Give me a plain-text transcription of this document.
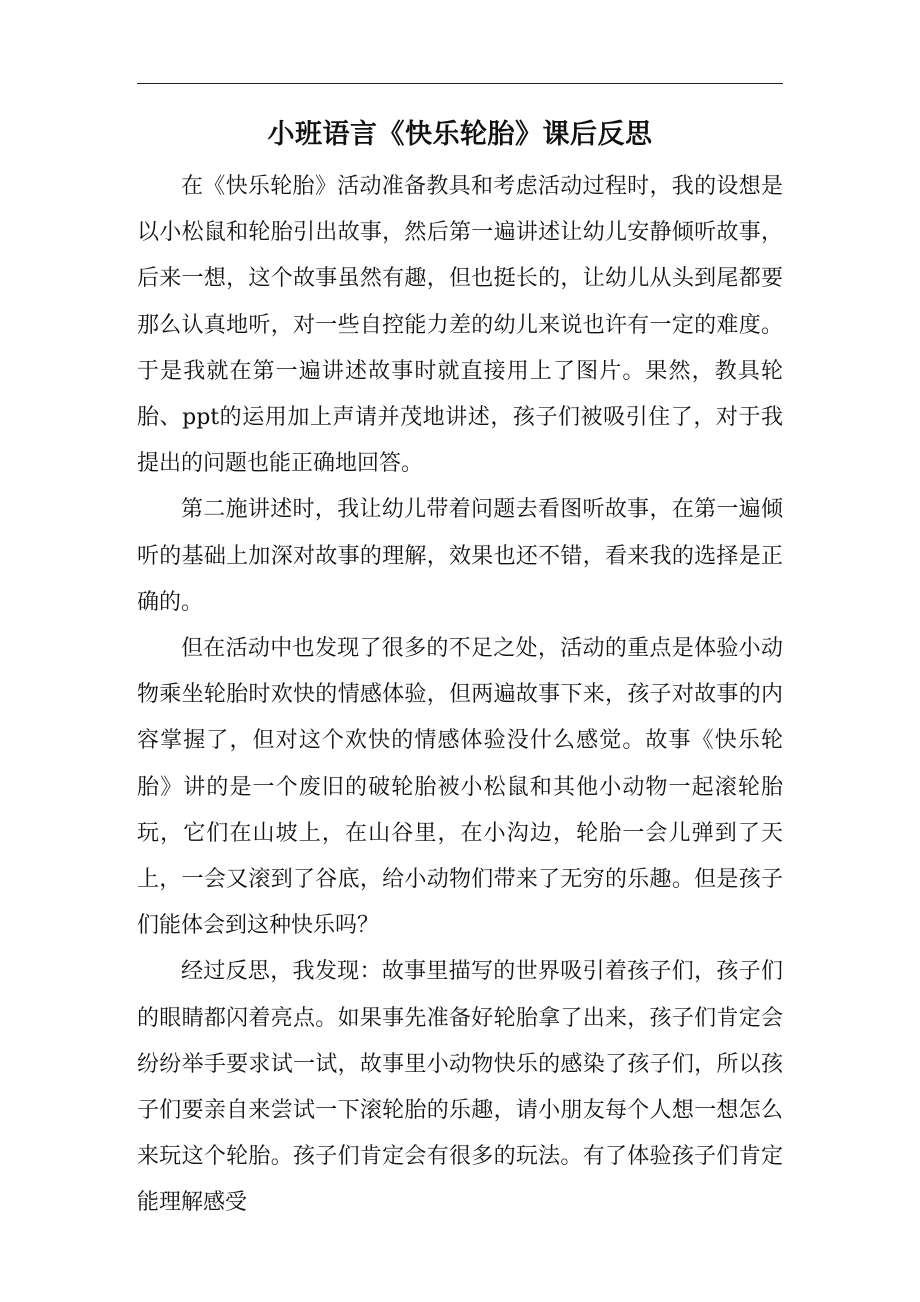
小班语言《快乐轮胎》课后反思

在《快乐轮胎》活动准备教具和考虑活动过程时，我的设想是以小松鼠和轮胎引出故事，然后第一遍讲述让幼儿安静倾听故事，后来一想，这个故事虽然有趣，但也挺长的，让幼儿从头到尾都要那么认真地听，对一些自控能力差的幼儿来说也许有一定的难度。于是我就在第一遍讲述故事时就直接用上了图片。果然，教具轮胎、ppt的运用加上声请并茂地讲述，孩子们被吸引住了，对于我提出的问题也能正确地回答。

第二施讲述时，我让幼儿带着问题去看图听故事，在第一遍倾听的基础上加深对故事的理解，效果也还不错，看来我的选择是正确的。

但在活动中也发现了很多的不足之处，活动的重点是体验小动物乘坐轮胎时欢快的情感体验，但两遍故事下来，孩子对故事的内容掌握了，但对这个欢快的情感体验没什么感觉。故事《快乐轮胎》讲的是一个废旧的破轮胎被小松鼠和其他小动物一起滚轮胎玩，它们在山坡上，在山谷里，在小沟边，轮胎一会儿弹到了天上，一会又滚到了谷底，给小动物们带来了无穷的乐趣。但是孩子们能体会到这种快乐吗？

经过反思，我发现：故事里描写的世界吸引着孩子们，孩子们的眼睛都闪着亮点。如果事先准备好轮胎拿了出来，孩子们肯定会纷纷举手要求试一试，故事里小动物快乐的感染了孩子们，所以孩子们要亲自来尝试一下滚轮胎的乐趣，请小朋友每个人想一想怎么来玩这个轮胎。孩子们肯定会有很多的玩法。有了体验孩子们肯定能理解感受
